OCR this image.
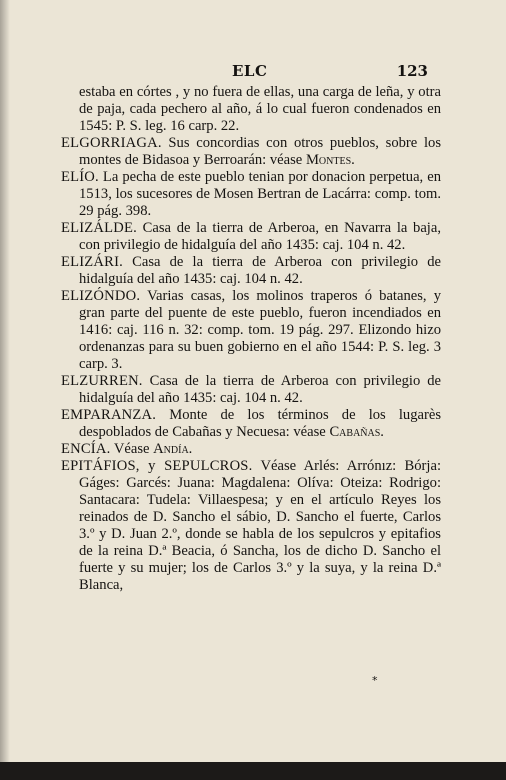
ELC	123

estaba en córtes , y no fuera de ellas, una carga de leña, y otra de paja, cada pechero al año, á lo cual fueron condenados en 1545: P. S. leg. 16 carp. 22.

ELGORRIAGA. Sus concordias con otros pueblos, sobre los montes de Bidasoa y Berroarán: véase Montes.

ELÍO. La pecha de este pueblo tenian por donacion perpetua, en 1513, los sucesores de Mosen Bertran de Lacárra: comp. tom. 29 pág. 398.

ELIZÁLDE. Casa de la tierra de Arberoa, en Navarra la baja, con privilegio de hidalguía del año 1435: caj. 104 n. 42.

ELIZÁRI. Casa de la tierra de Arberoa con privilegio de hidalguía del año 1435: caj. 104 n. 42.

ELIZÓNDO. Varias casas, los molinos traperos ó batanes, y gran parte del puente de este pueblo, fueron incendiados en 1416: caj. 116 n. 32: comp. tom. 19 pág. 297. Elizondo hizo ordenanzas para su buen gobierno en el año 1544: P. S. leg. 3 carp. 3.

ELZURREN. Casa de la tierra de Arberoa con privilegio de hidalguía del año 1435: caj. 104 n. 42.

EMPARANZA. Monte de los términos de los lugarès despoblados de Cabañas y Necuesa: véase Cabañas.

ENCÍA. Véase Andía.

EPITÁFIOS, y SEPULCROS. Véase Arlés: Arrónız: Bórja: Gáges: Garcés: Juana: Magdalena: Olíva: Oteiza: Rodrigo: Santacara: Tudela: Villaespesa; y en el artículo Reyes los reinados de D. Sancho el sábio, D. Sancho el fuerte, Carlos 3.º y D. Juan 2.º, donde se habla de los sepulcros y epitafios de la reina D.ª Beacia, ó Sancha, los de dicho D. Sancho el fuerte y su mujer; los de Carlos 3.º y la suya, y la reina D.ª Blanca,

*
